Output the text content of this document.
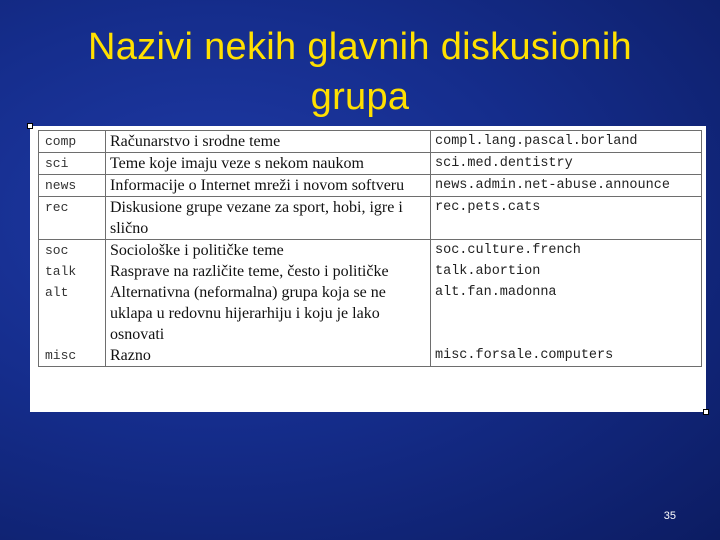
Nazivi nekih glavnih diskusionih
grupa
comp	Računarstvo i srodne teme	compl.lang.pascal.borland
sci	Teme koje imaju veze s nekom naukom	sci.med.dentistry
news	Informacije o Internet mreži i novom softveru	news.admin.net-abuse.announce
rec	Diskusione grupe vezane za sport, hobi, igre i slično	rec.pets.cats
soc	Sociološke i političke teme	soc.culture.french
talk	Rasprave na različite teme, često i političke	talk.abortion
alt	Alternativna (neformalna) grupa koja se ne uklapa u redovnu hijerarhiju i koju je lako osnovati	alt.fan.madonna
misc	Razno	misc.forsale.computers
35
